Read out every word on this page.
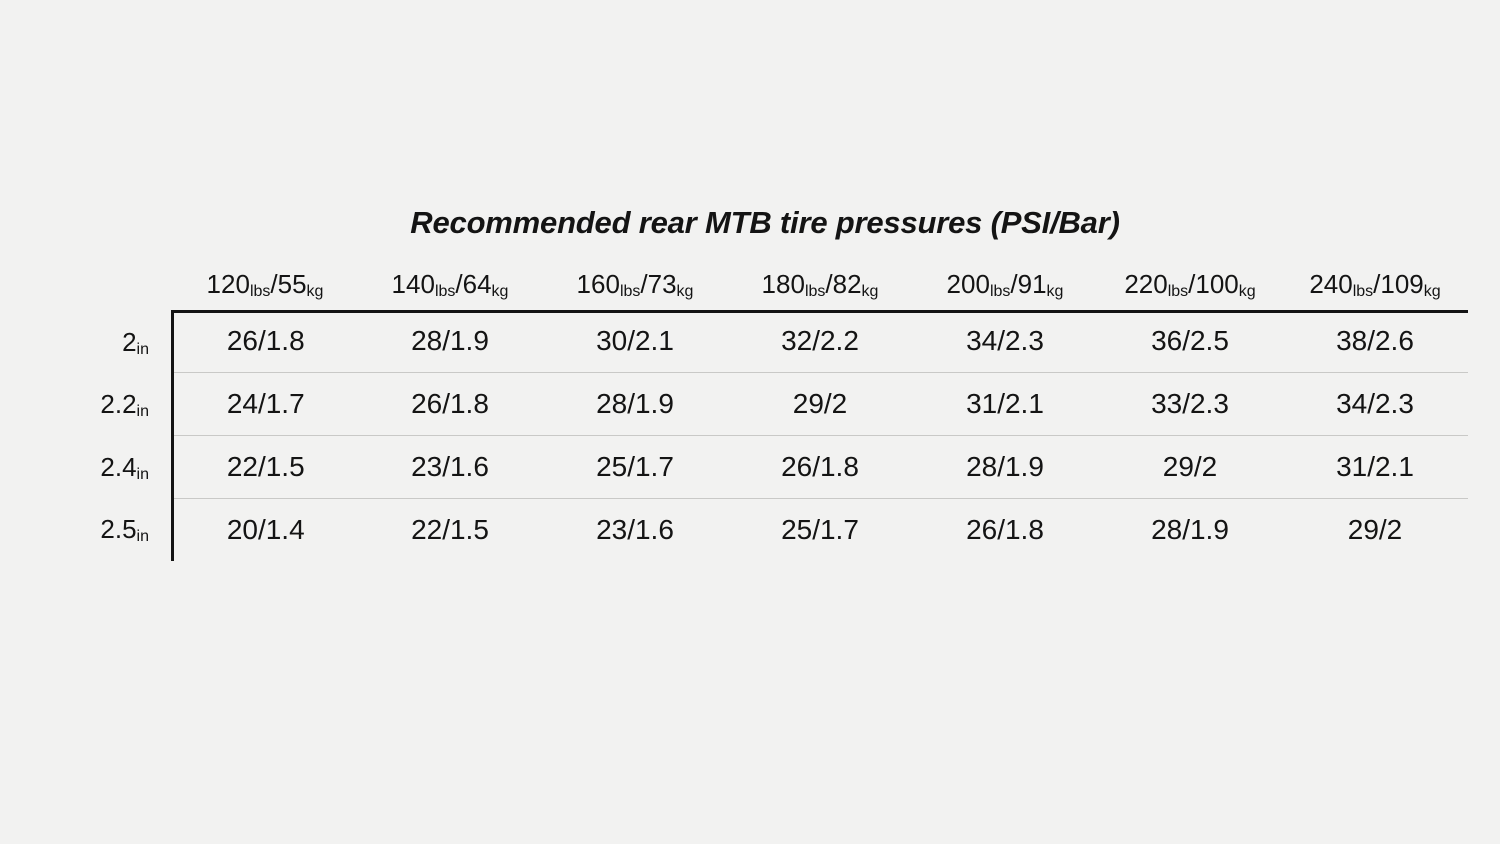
Recommended rear MTB tire pressures (PSI/Bar)
	120lbs/55kg	140lbs/64kg	160lbs/73kg	180lbs/82kg	200lbs/91kg	220lbs/100kg	240lbs/109kg
2in	26/1.8	28/1.9	30/2.1	32/2.2	34/2.3	36/2.5	38/2.6
2.2in	24/1.7	26/1.8	28/1.9	29/2	31/2.1	33/2.3	34/2.3
2.4in	22/1.5	23/1.6	25/1.7	26/1.8	28/1.9	29/2	31/2.1
2.5in	20/1.4	22/1.5	23/1.6	25/1.7	26/1.8	28/1.9	29/2
